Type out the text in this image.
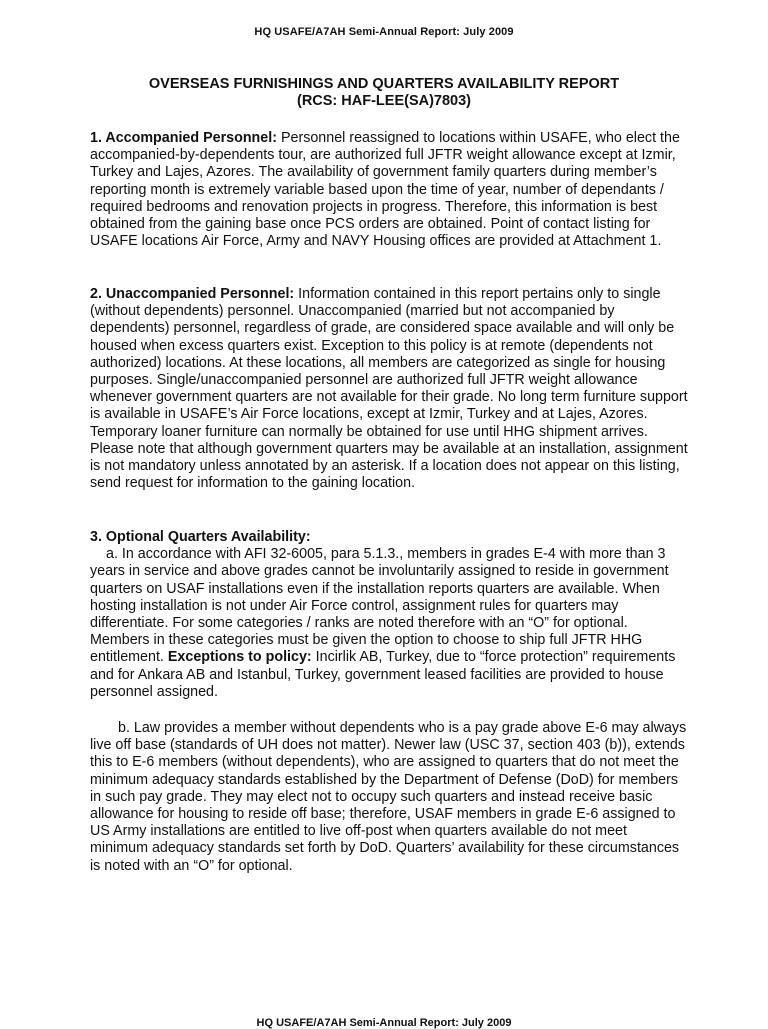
HQ USAFE/A7AH Semi-Annual Report: July 2009
OVERSEAS FURNISHINGS AND QUARTERS AVAILABILITY REPORT
(RCS: HAF-LEE(SA)7803)

1. Accompanied Personnel: Personnel reassigned to locations within USAFE, who elect the accompanied-by-dependents tour, are authorized full JFTR weight allowance except at Izmir, Turkey and Lajes, Azores. The availability of government family quarters during member’s reporting month is extremely variable based upon the time of year, number of dependants / required bedrooms and renovation projects in progress. Therefore, this information is best obtained from the gaining base once PCS orders are obtained. Point of contact listing for USAFE locations Air Force, Army and NAVY Housing offices are provided at Attachment 1.

2. Unaccompanied Personnel: Information contained in this report pertains only to single (without dependents) personnel. Unaccompanied (married but not accompanied by dependents) personnel, regardless of grade, are considered space available and will only be housed when excess quarters exist. Exception to this policy is at remote (dependents not authorized) locations. At these locations, all members are categorized as single for housing purposes. Single/unaccompanied personnel are authorized full JFTR weight allowance whenever government quarters are not available for their grade. No long term furniture support is available in USAFE’s Air Force locations, except at Izmir, Turkey and at Lajes, Azores. Temporary loaner furniture can normally be obtained for use until HHG shipment arrives. Please note that although government quarters may be available at an installation, assignment is not mandatory unless annotated by an asterisk. If a location does not appear on this listing, send request for information to the gaining location.

3. Optional Quarters Availability:

a. In accordance with AFI 32-6005, para 5.1.3., members in grades E-4 with more than 3 years in service and above grades cannot be involuntarily assigned to reside in government quarters on USAF installations even if the installation reports quarters are available. When hosting installation is not under Air Force control, assignment rules for quarters may differentiate. For some categories / ranks are noted therefore with an “O” for optional. Members in these categories must be given the option to choose to ship full JFTR HHG entitlement. Exceptions to policy: Incirlik AB, Turkey, due to “force protection” requirements and for Ankara AB and Istanbul, Turkey, government leased facilities are provided to house personnel assigned.

b. Law provides a member without dependents who is a pay grade above E-6 may always live off base (standards of UH does not matter). Newer law (USC 37, section 403 (b)), extends this to E-6 members (without dependents), who are assigned to quarters that do not meet the minimum adequacy standards established by the Department of Defense (DoD) for members in such pay grade. They may elect not to occupy such quarters and instead receive basic allowance for housing to reside off base; therefore, USAF members in grade E-6 assigned to US Army installations are entitled to live off-post when quarters available do not meet minimum adequacy standards set forth by DoD. Quarters’ availability for these circumstances is noted with an “O” for optional.

HQ USAFE/A7AH Semi-Annual Report: July 2009
